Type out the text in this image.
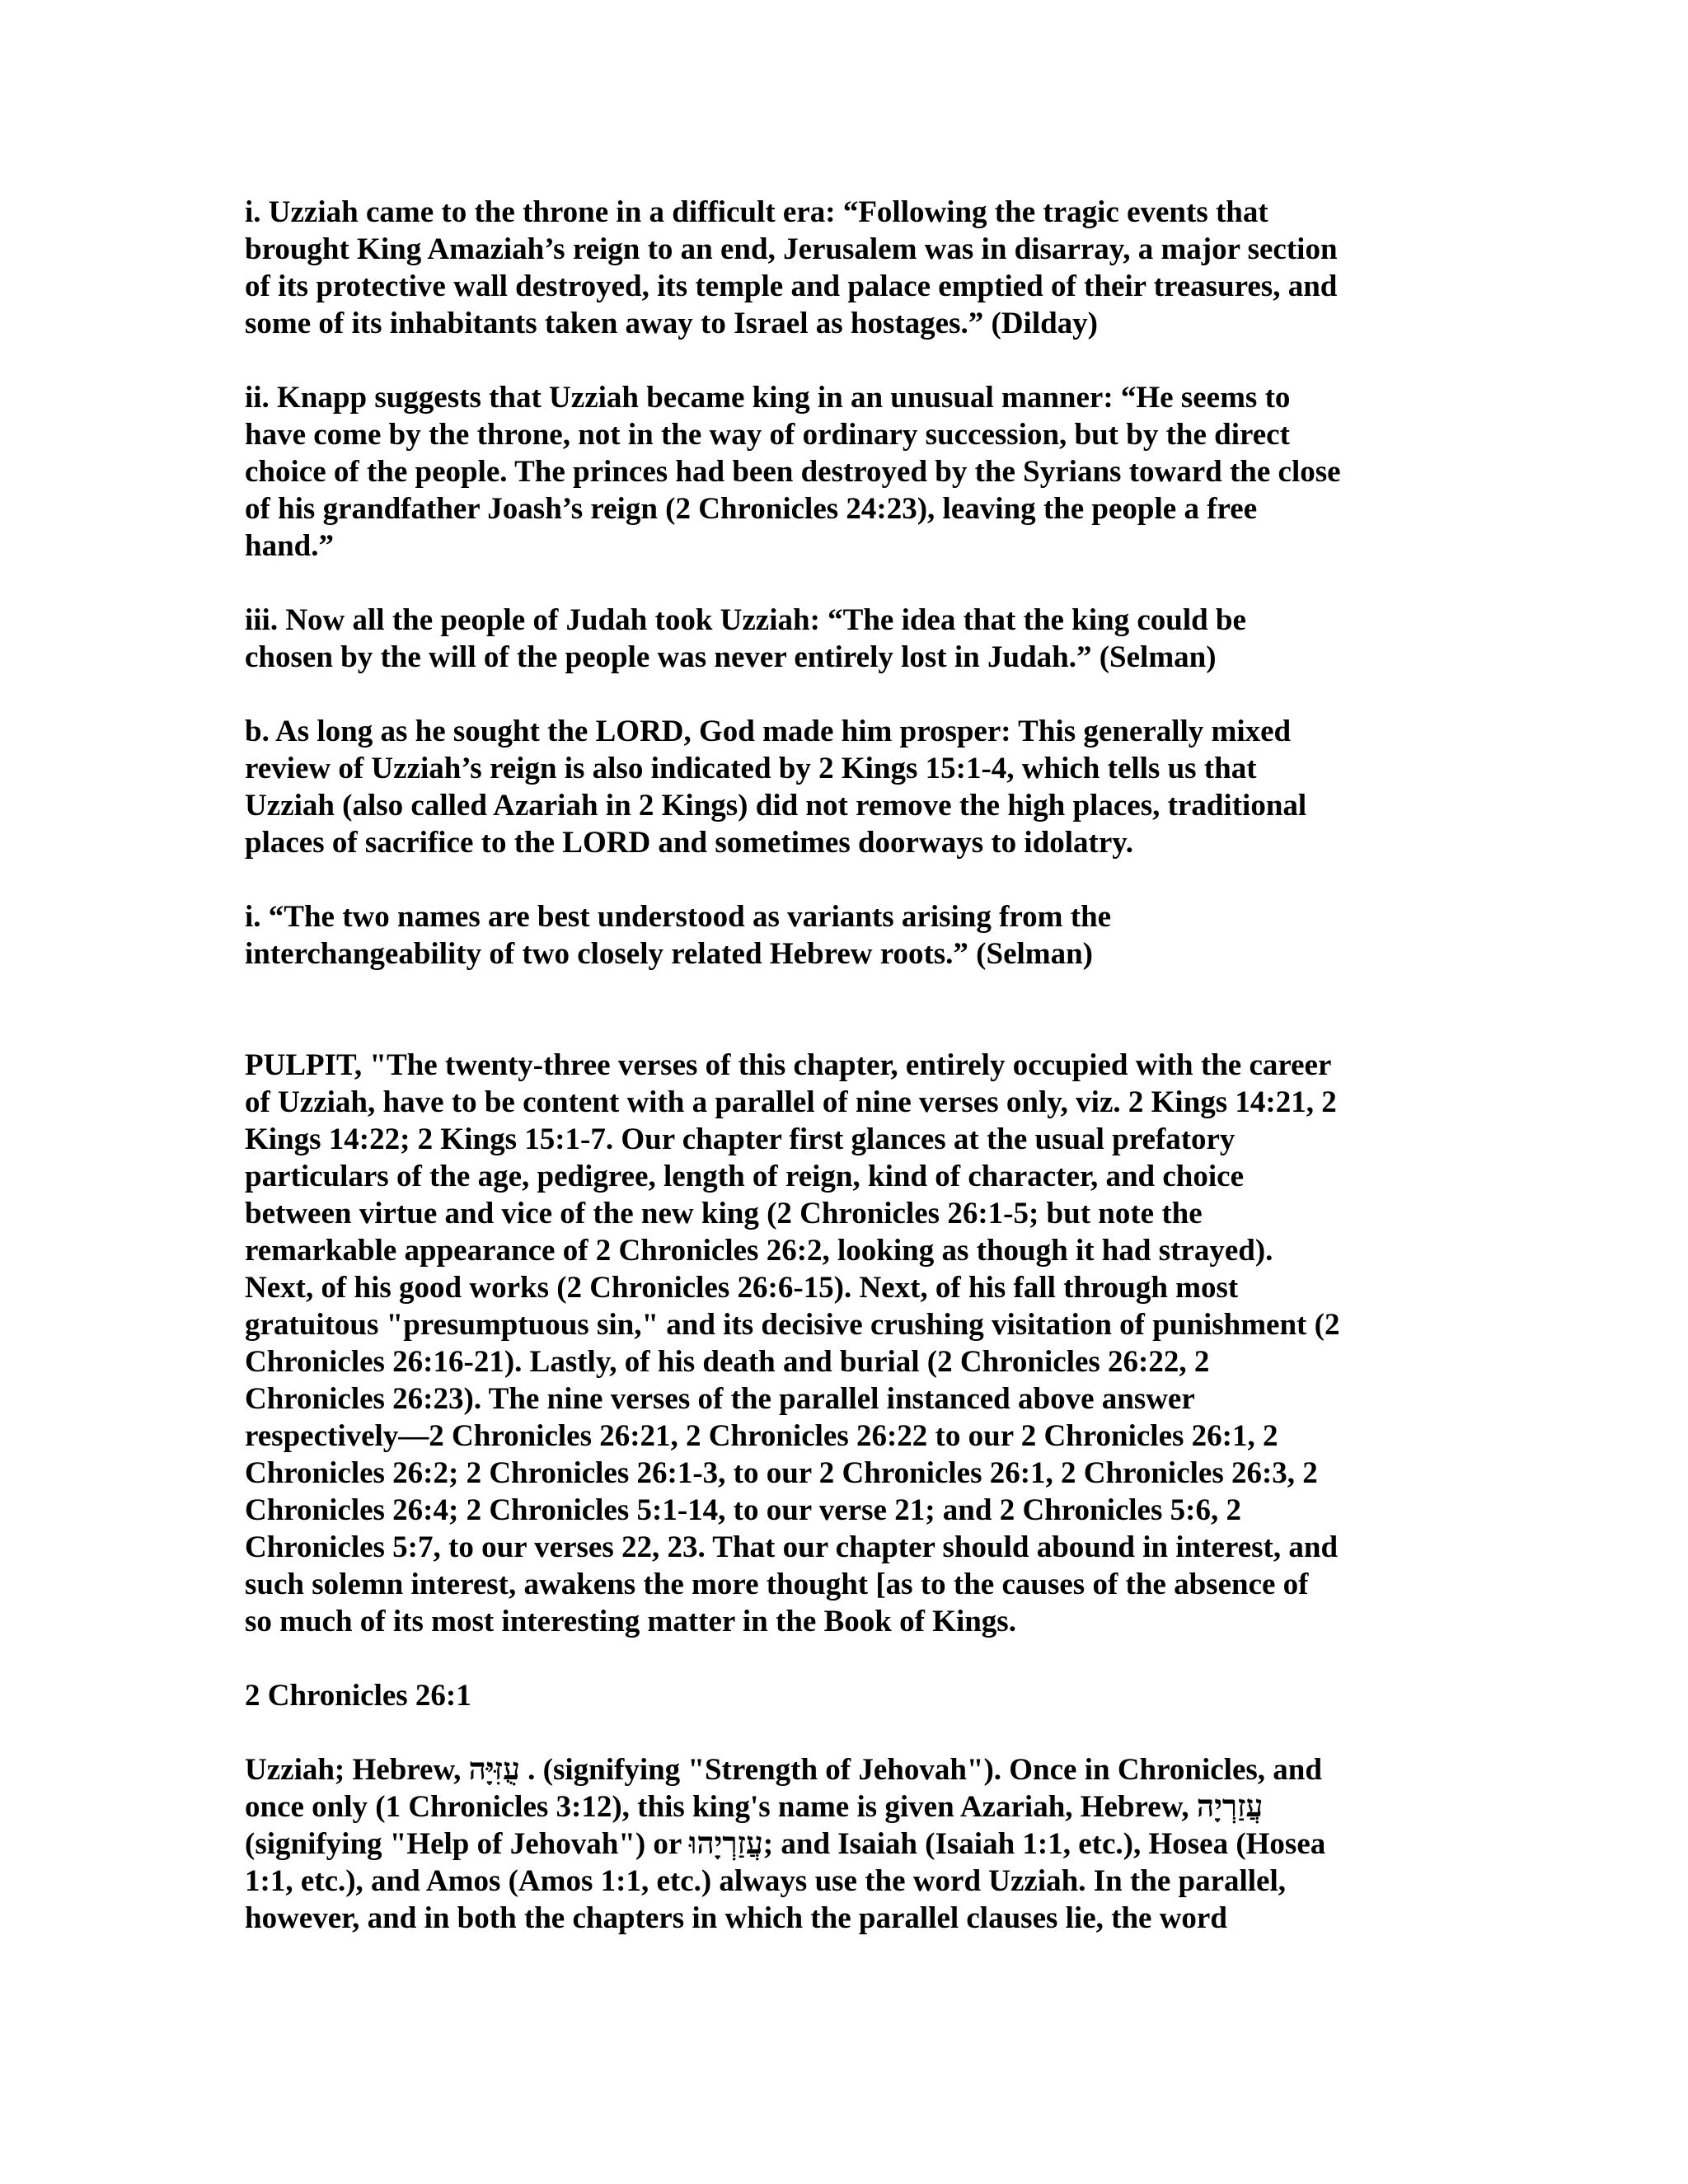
i. Uzziah came to the throne in a difficult era: “Following the tragic events that
brought King Amaziah’s reign to an end, Jerusalem was in disarray, a major section
of its protective wall destroyed, its temple and palace emptied of their treasures, and
some of its inhabitants taken away to Israel as hostages.” (Dilday)

ii. Knapp suggests that Uzziah became king in an unusual manner: “He seems to
have come by the throne, not in the way of ordinary succession, but by the direct
choice of the people. The princes had been destroyed by the Syrians toward the close
of his grandfather Joash’s reign (2 Chronicles 24:23), leaving the people a free
hand.”

iii. Now all the people of Judah took Uzziah: “The idea that the king could be
chosen by the will of the people was never entirely lost in Judah.” (Selman)

b. As long as he sought the LORD, God made him prosper: This generally mixed
review of Uzziah’s reign is also indicated by 2 Kings 15:1-4, which tells us that
Uzziah (also called Azariah in 2 Kings) did not remove the high places, traditional
places of sacrifice to the LORD and sometimes doorways to idolatry.

i. “The two names are best understood as variants arising from the
interchangeability of two closely related Hebrew roots.” (Selman)

PULPIT, "The twenty-three verses of this chapter, entirely occupied with the career
of Uzziah, have to be content with a parallel of nine verses only, viz. 2 Kings 14:21, 2
Kings 14:22; 2 Kings 15:1-7. Our chapter first glances at the usual prefatory
particulars of the age, pedigree, length of reign, kind of character, and choice
between virtue and vice of the new king (2 Chronicles 26:1-5; but note the
remarkable appearance of 2 Chronicles 26:2, looking as though it had strayed).
Next, of his good works (2 Chronicles 26:6-15). Next, of his fall through most
gratuitous "presumptuous sin," and its decisive crushing visitation of punishment (2
Chronicles 26:16-21). Lastly, of his death and burial (2 Chronicles 26:22, 2
Chronicles 26:23). The nine verses of the parallel instanced above answer
respectively—2 Chronicles 26:21, 2 Chronicles 26:22 to our 2 Chronicles 26:1, 2
Chronicles 26:2; 2 Chronicles 26:1-3, to our 2 Chronicles 26:1, 2 Chronicles 26:3, 2
Chronicles 26:4; 2 Chronicles 5:1-14, to our verse 21; and 2 Chronicles 5:6, 2
Chronicles 5:7, to our verses 22, 23. That our chapter should abound in interest, and
such solemn interest, awakens the more thought [as to the causes of the absence of
so much of its most interesting matter in the Book of Kings.

2 Chronicles 26:1

Uzziah; Hebrew, עֻזִּיָּה . (signifying "Strength of Jehovah"). Once in Chronicles, and
once only (1 Chronicles 3:12), this king's name is given Azariah, Hebrew, עֲזַרְיָה
(signifying "Help of Jehovah") or עֲזַרְיָהוּ; and Isaiah (Isaiah 1:1, etc.), Hosea (Hosea
1:1, etc.), and Amos (Amos 1:1, etc.) always use the word Uzziah. In the parallel,
however, and in both the chapters in which the parallel clauses lie, the word
